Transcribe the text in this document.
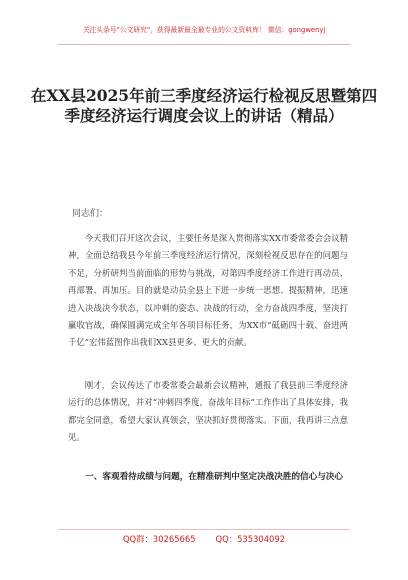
关注头条号"公文研究"，获得最新最全最专业的公文资料库！ 微信：gongwenyj
在XX县2025年前三季度经济运行检视反思暨第四季度经济运行调度会议上的讲话（精品）
同志们：

今天我们召开这次会议，主要任务是深入贯彻落实XX市委常委会会议精神，全面总结我县今年前三季度经济运行情况，深刻检视反思存在的问题与不足，分析研判当前面临的形势与挑战，对第四季度经济工作进行再动员、再部署、再加压。目的就是动员全县上下进一步统一思想、提振精神，迅速进入决战决今状态，以冲刺的姿态、决战的行动，全力奋战四季度，坚决打赢收官战，确保圆满完成全年各项目标任务，为XX市“砥砺四十载、奋进两千亿”宏伟蓝图作出我们XX县更多、更大的贡献。

刚才，会议传达了市委常委会最新会议精神，通报了我县前三季度经济运行的总体情况，并对“冲刺四季度，奋战年目标”工作作出了具体安排，我都完全同意，希望大家认真领会，坚决抓好贯彻落实。下面，我再讲三点意见。

一、客观看待成绩与问题，在精准研判中坚定决战决胜的信心与决心

QQ群：30265665 QQ：535304092
